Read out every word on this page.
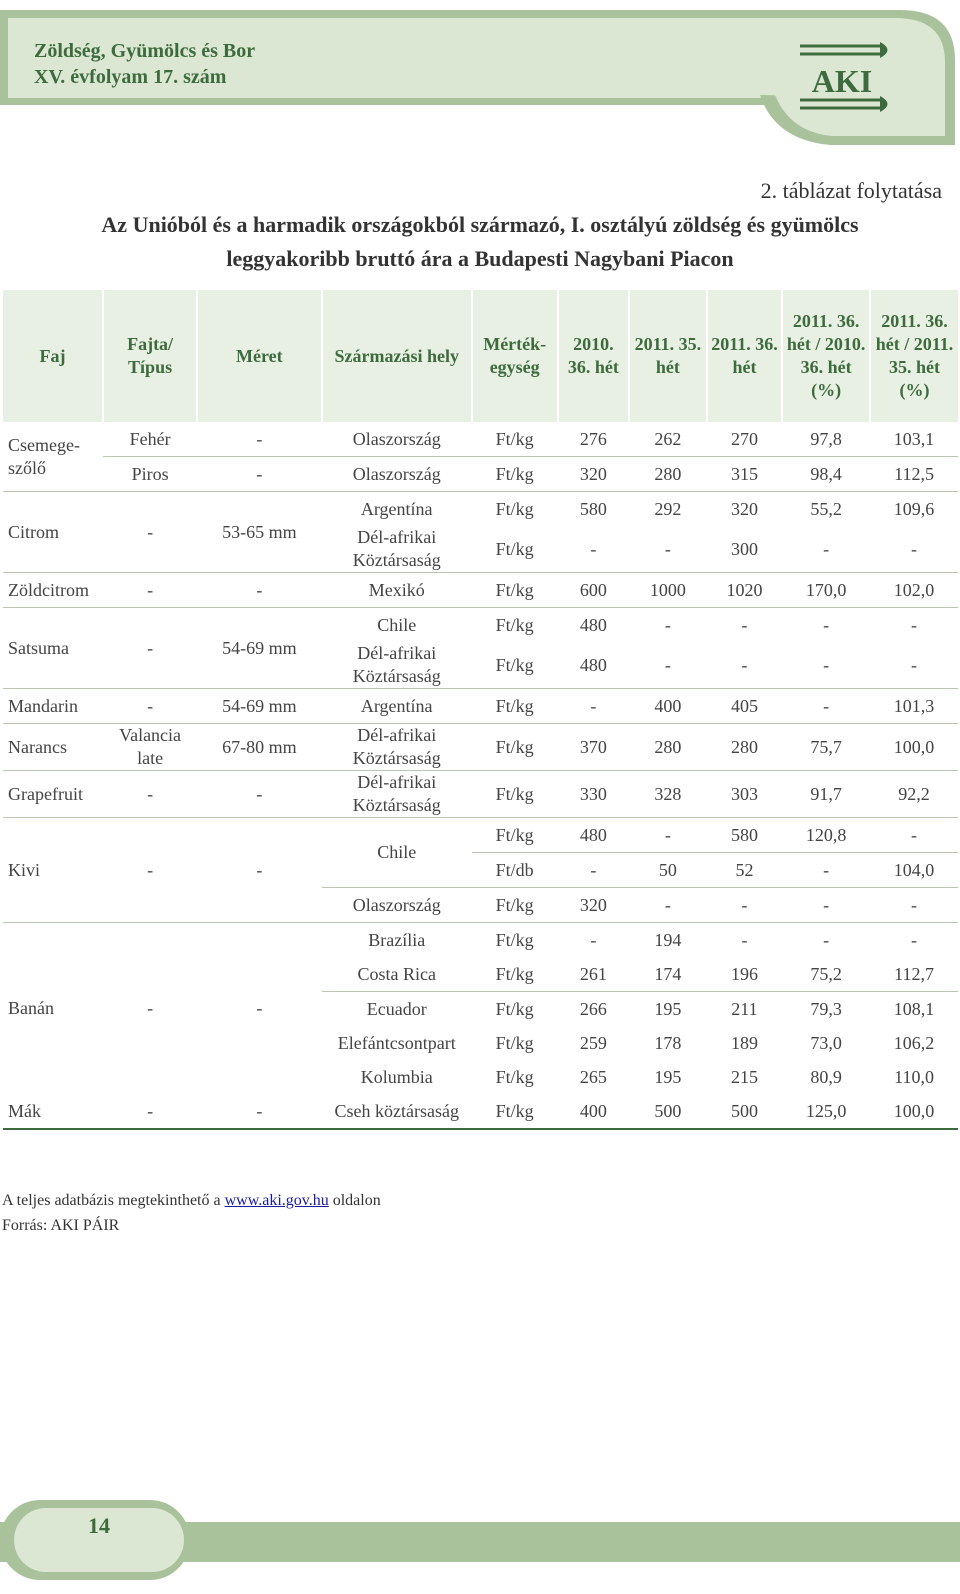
Zöldség, Gyümölcs és Bor
XV. évfolyam 17. szám	AKI
2. táblázat folytatása
Az Unióból és a harmadik országokból származó, I. osztályú zöldség és gyümölcs
leggyakoribb bruttó ára a Budapesti Nagybani Piacon
Faj	Fajta/ Típus	Méret	Származási hely	Mérték- egység	2010. 36. hét	2011. 35. hét	2011. 36. hét	2011. 36. hét / 2010. 36. hét (%)	2011. 36. hét / 2011. 35. hét (%)
Csemege- szőlő	Fehér	-	Olaszország	Ft/kg	276	262	270	97,8	103,1
	Piros	-	Olaszország	Ft/kg	320	280	315	98,4	112,5
Citrom	-	53-65 mm	Argentína	Ft/kg	580	292	320	55,2	109,6
			Dél-afrikai Köztársaság	Ft/kg	-	-	300	-	-
Zöldcitrom	-	-	Mexikó	Ft/kg	600	1000	1020	170,0	102,0
Satsuma	-	54-69 mm	Chile	Ft/kg	480	-	-	-	-
			Dél-afrikai Köztársaság	Ft/kg	480	-	-	-	-
Mandarin	-	54-69 mm	Argentína	Ft/kg	-	400	405	-	101,3
Narancs	Valancia late	67-80 mm	Dél-afrikai Köztársaság	Ft/kg	370	280	280	75,7	100,0
Grapefruit	-	-	Dél-afrikai Köztársaság	Ft/kg	330	328	303	91,7	92,2
Kivi	-	-	Chile	Ft/kg	480	-	580	120,8	-
				Ft/db	-	50	52	-	104,0
			Olaszország	Ft/kg	320	-	-	-	-
Banán	-	-	Brazília	Ft/kg	-	194	-	-	-
			Costa Rica	Ft/kg	261	174	196	75,2	112,7
			Ecuador	Ft/kg	266	195	211	79,3	108,1
			Elefántcsontpart	Ft/kg	259	178	189	73,0	106,2
			Kolumbia	Ft/kg	265	195	215	80,9	110,0
Mák	-	-	Cseh köztársaság	Ft/kg	400	500	500	125,0	100,0
A teljes adatbázis megtekinthető a www.aki.gov.hu oldalon
Forrás: AKI PÁIR
14
